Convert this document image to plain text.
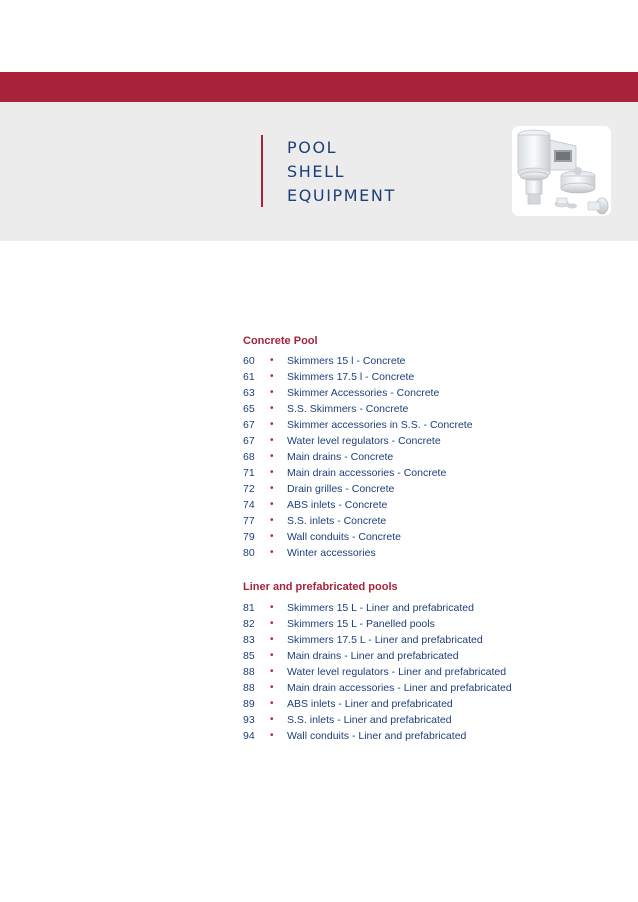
POOL
SHELL
EQUIPMENT
Concrete Pool
60 • Skimmers 15 l - Concrete
61 • Skimmers 17.5 l - Concrete
63 • Skimmer Accessories - Concrete
65 • S.S. Skimmers - Concrete
67 • Skimmer accessories in S.S. - Concrete
67 • Water level regulators - Concrete
68 • Main drains - Concrete
71 • Main drain accessories - Concrete
72 • Drain grilles - Concrete
74 • ABS inlets - Concrete
77 • S.S. inlets - Concrete
79 • Wall conduits - Concrete
80 • Winter accessories
Liner and prefabricated pools
81 • Skimmers 15 L - Liner and prefabricated
82 • Skimmers 15 L - Panelled pools
83 • Skimmers 17.5 L - Liner and prefabricated
85 • Main drains - Liner and prefabricated
88 • Water level regulators - Liner and prefabricated
88 • Main drain accessories - Liner and prefabricated
89 • ABS inlets - Liner and prefabricated
93 • S.S. inlets - Liner and prefabricated
94 • Wall conduits - Liner and prefabricated
